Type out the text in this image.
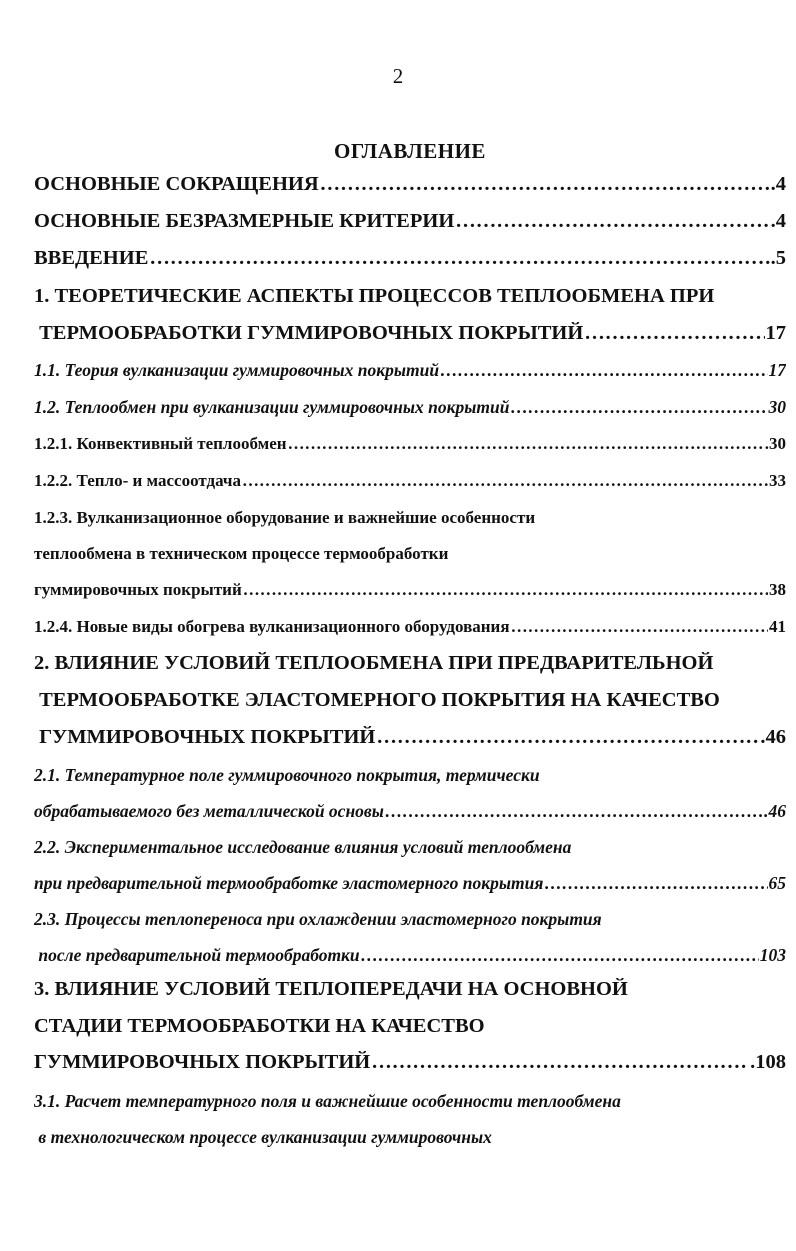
2
ОГЛАВЛЕНИЕ
ОСНОВНЫЕ СОКРАЩЕНИЯ ……………………………………………………………………………………………………………………………………………………………………………………………………………………………………	.4
ОСНОВНЫЕ БЕЗРАЗМЕРНЫЕ КРИТЕРИИ ……………………………………………………………………………………………………………………………………………………………………………………………………………………………………	.4
ВВЕДЕНИЕ ……………………………………………………………………………………………………………………………………………………………………………………………………………………………………	.5
1. ТЕОРЕТИЧЕСКИЕ АСПЕКТЫ ПРОЦЕССОВ ТЕПЛООБМЕНА ПРИ
ТЕРМООБРАБОТКИ ГУММИРОВОЧНЫХ ПОКРЫТИЙ ……………………………………………………………………………………………………………………………………………………………………………………………………………………………………	17
1.1. Теория вулканизации гуммировочных покрытий ……………………………………………………………………………………………………………………………………………………………………………………………………………………………………	17
1.2. Теплообмен при вулканизации гуммировочных покрытий ……………………………………………………………………………………………………………………………………………………………………………………………………………………………………	30
1.2.1. Конвективный теплообмен ……………………………………………………………………………………………………………………………………………………………………………………………………………………………………	.30
1.2.2. Тепло- и массоотдача ……………………………………………………………………………………………………………………………………………………………………………………………………………………………………	33
1.2.3. Вулканизационное оборудование и важнейшие особенности
теплообмена в техническом процессе термообработки
гуммировочных покрытий ……………………………………………………………………………………………………………………………………………………………………………………………………………………………………	38
1.2.4. Новые виды обогрева вулканизационного оборудования ……………………………………………………………………………………………………………………………………………………………………………………………………………………………………	41
2. ВЛИЯНИЕ УСЛОВИЙ ТЕПЛООБМЕНА ПРИ ПРЕДВАРИТЕЛЬНОЙ
ТЕРМООБРАБОТКЕ ЭЛАСТОМЕРНОГО ПОКРЫТИЯ НА КАЧЕСТВО
ГУММИРОВОЧНЫХ ПОКРЫТИЙ ……………………………………………………………………………………………………………………………………………………………………………………………………………………………………	.46
2.1. Температурное поле гуммировочного покрытия, термически
обрабатываемого без металлической основы ……………………………………………………………………………………………………………………………………………………………………………………………………………………………………	.46
2.2. Экспериментальное исследование влияния условий теплообмена
при предварительной термообработке эластомерного покрытия ……………………………………………………………………………………………………………………………………………………………………………………………………………………………………	65
2.3. Процессы теплопереноса при охлаждении эластомерного покрытия
после предварительной термообработки ……………………………………………………………………………………………………………………………………………………………………………………………………………………………………	103
3. ВЛИЯНИЕ УСЛОВИЙ ТЕПЛОПЕРЕДАЧИ НА ОСНОВНОЙ
СТАДИИ ТЕРМООБРАБОТКИ НА КАЧЕСТВО
ГУММИРОВОЧНЫХ ПОКРЫТИЙ ……………………………………………………………………………………………………………………………………………………………………………………………………………………………………	.108
3.1. Расчет температурного поля и важнейшие особенности теплообмена
в технологическом процессе вулканизации гуммировочных
